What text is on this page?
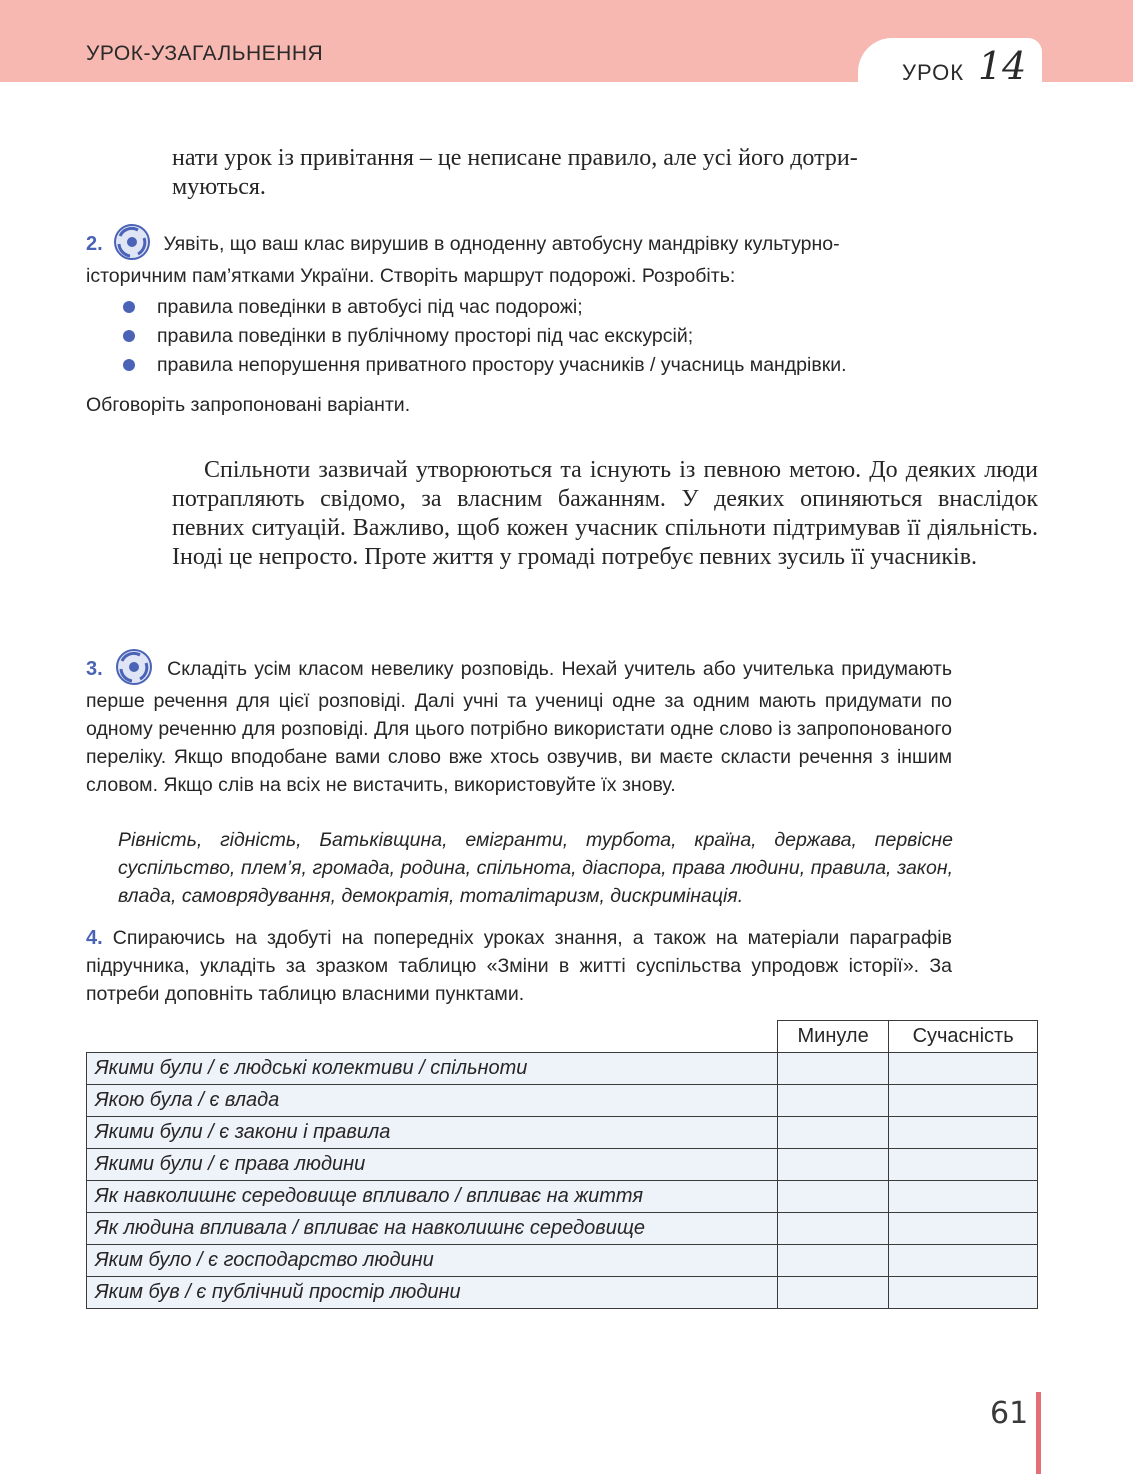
УРОК-УЗАГАЛЬНЕННЯ
УРОК 14

нати урок із привітання – це неписане правило, але усі його дотри-

муються.

2.	Уявіть, що ваш клас вирушив в одноденну автобусну мандрівку культурно-
історичним пам’ятками України. Створіть маршрут подорожі. Розробіть:
правила поведінки в автобусі під час подорожі;
правила поведінки в публічному просторі під час екскурсій;
правила непорушення приватного простору учасників / учасниць мандрівки.
Обговоріть запропоновані варіанти.
Спільноти зазвичай утворюються та існують із певною метою. До деяких люди потрапляють свідомо, за власним бажанням. У деяких опиняються внаслідок певних ситуацій. Важливо, щоб кожен учасник спільноти підтримував її діяльність. Іноді це непросто. Проте життя у громаді потребує певних зусиль її учасників.
3.	Складіть усім класом невелику розповідь. Нехай учитель або учителька придумають перше речення для цієї розповіді. Далі учні та учениці одне за одним мають придумати по одному реченню для розповіді. Для цього потрібно використати одне слово із запропонованого переліку. Якщо вподобане вами слово вже хтось озвучив, ви маєте скласти речення з іншим словом. Якщо слів на всіх не вистачить, використовуйте їх знову.
Рівність, гідність, Батьківщина, емігранти, турбота, країна, держава, первісне суспільство, плем’я, громада, родина, спільнота, діаспора, права людини, правила, закон, влада, самоврядування, демократія, тоталітаризм, дискримінація.
4. Спираючись на здобуті на попередніх уроках знання, а також на матеріали параграфів підручника, укладіть за зразком таблицю «Зміни в житті суспільства упродовж історії». За потреби доповніть таблицю власними пунктами.
	Минуле	Сучасність
Якими були / є людські колективи / спільноти		
Якою була / є влада		
Якими були / є закони і правила		
Якими були / є права людини		
Як навколишнє середовище впливало / впливає на життя		
Як людина впливала / впливає на навколишнє середовище		
Яким було / є господарство людини		
Яким був / є публічний простір людини		
61
